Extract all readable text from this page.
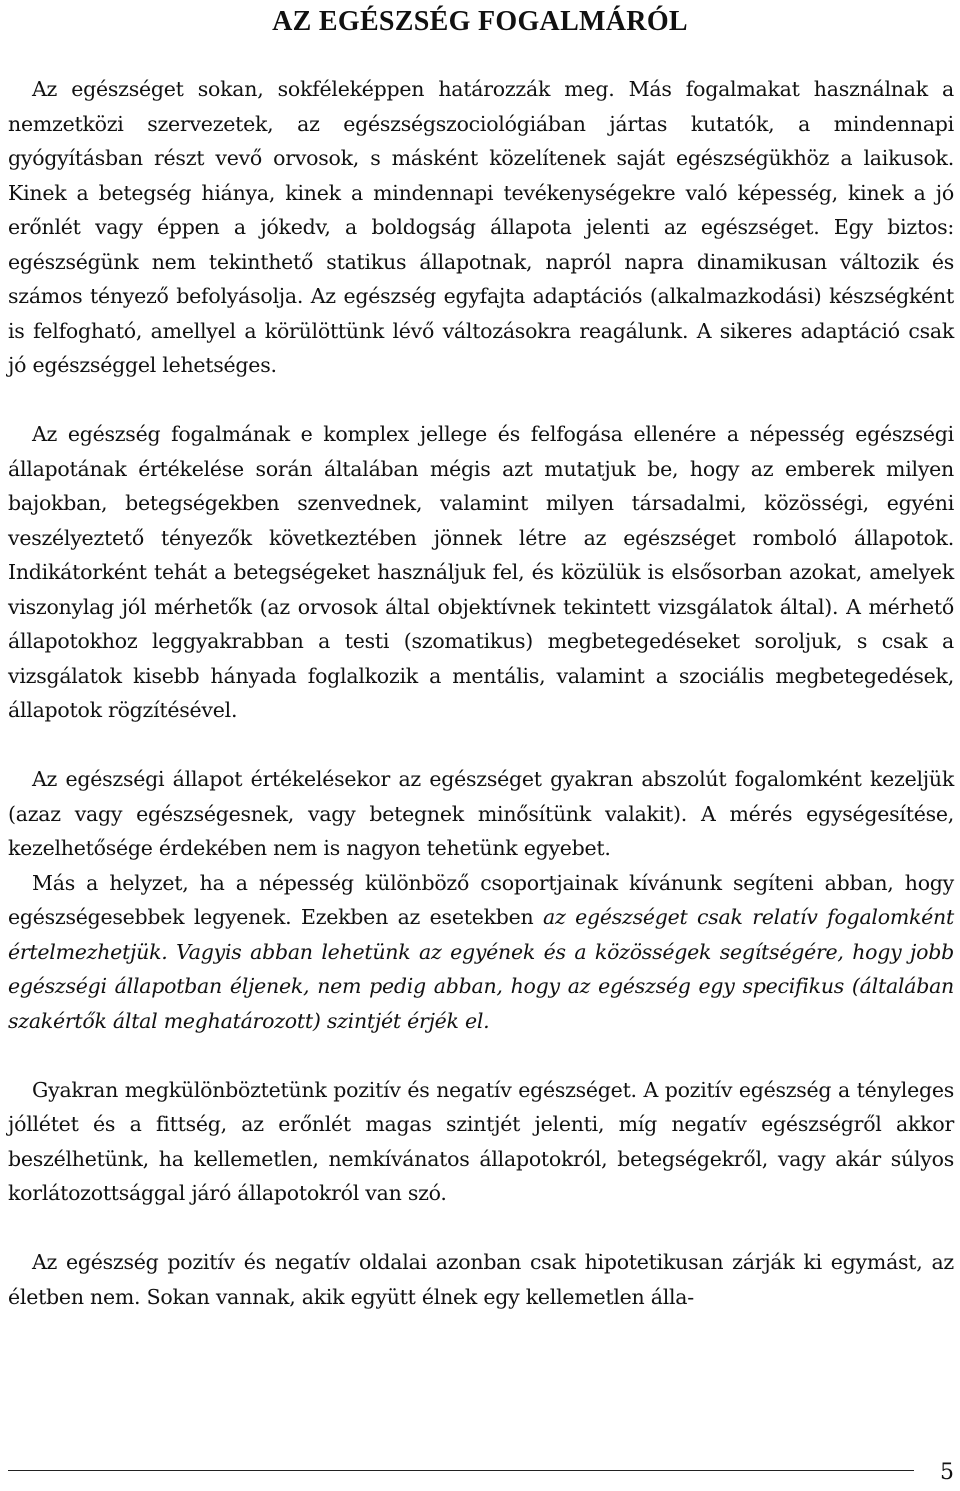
AZ EGÉSZSÉG FOGALMÁRÓL

Az egészséget sokan, sokféleképpen határozzák meg. Más fogalmakat használnak a nemzetközi szervezetek, az egészségszociológiában jártas kutatók, a mindennapi gyógyításban részt vevő orvosok, s másként közelítenek saját egészségükhöz a laikusok. Kinek a betegség hiánya, kinek a mindennapi tevékenységekre való képesség, kinek a jó erőnlét vagy éppen a jókedv, a boldogság állapota jelenti az egészséget. Egy biztos: egészségünk nem tekinthető statikus állapotnak, napról napra dinamikusan változik és számos tényező befolyásolja. Az egészség egyfajta adaptációs (alkalmazkodási) készségként is felfogható, amellyel a körülöttünk lévő változásokra reagálunk. A sikeres adaptáció csak jó egészséggel lehetséges.

Az egészség fogalmának e komplex jellege és felfogása ellenére a népesség egészségi állapotának értékelése során általában mégis azt mutatjuk be, hogy az emberek milyen bajokban, betegségekben szenvednek, valamint milyen társadalmi, közösségi, egyéni veszélyeztető tényezők következtében jönnek létre az egészséget romboló állapotok. Indikátorként tehát a betegségeket használjuk fel, és közülük is elsősorban azokat, amelyek viszonylag jól mérhetők (az orvosok által objektívnek tekintett vizsgálatok által). A mérhető állapotokhoz leggyakrabban a testi (szomatikus) megbetegedéseket soroljuk, s csak a vizsgálatok kisebb hányada foglalkozik a mentális, valamint a szociális megbetegedések, állapotok rögzítésével.

Az egészségi állapot értékelésekor az egészséget gyakran abszolút fogalomként kezeljük (azaz vagy egészségesnek, vagy betegnek minősítünk valakit). A mérés egységesítése, kezelhetősége érdekében nem is nagyon tehetünk egyebet.
Más a helyzet, ha a népesség különböző csoportjainak kívánunk segíteni abban, hogy egészségesebbek legyenek. Ezekben az esetekben az egészséget csak relatív fogalomként értelmezhetjük. Vagyis abban lehetünk az egyének és a közösségek segítségére, hogy jobb egészségi állapotban éljenek, nem pedig abban, hogy az egészség egy specifikus (általában szakértők által meghatározott) szintjét érjék el.

Gyakran megkülönböztetünk pozitív és negatív egészséget. A pozitív egészség a tényleges jóllétet és a fittség, az erőnlét magas szintjét jelenti, míg negatív egészségről akkor beszélhetünk, ha kellemetlen, nemkívánatos állapotokról, betegségekről, vagy akár súlyos korlátozottsággal járó állapotokról van szó.

Az egészség pozitív és negatív oldalai azonban csak hipotetikusan zárják ki egymást, az életben nem. Sokan vannak, akik együtt élnek egy kellemetlen álla-

5
